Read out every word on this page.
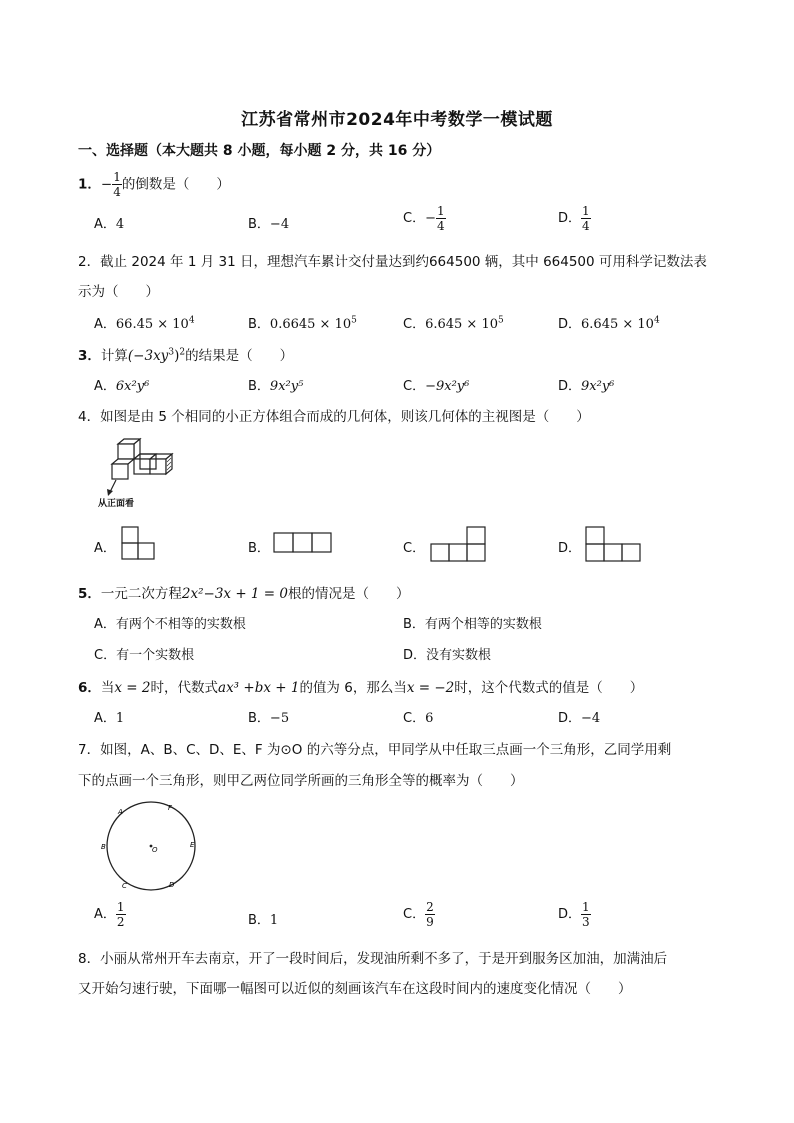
江苏省常州市2024年中考数学一模试题
一、选择题（本大题共 8 小题，每小题 2 分，共 16 分）
1．− $\frac{1}{4}$ 的倒数是（　　）
A．4	B．−4	C．− $\frac{1}{4}$	D． $\frac{1}{4}$
2．截止 2024 年 1 月 31 日，理想汽车累计交付量达到约664500 辆，其中 664500 可用科学记数法表
示为（　　）
A．$66.45 \times 10^4$	B．$0.6645 \times 10^5$	C．$6.645 \times 10^5$	D．$6.645 \times 10^4$
3．计算$(-3xy^3)^2$的结果是（　　）
A．6x²y⁶	B．9x²y⁵	C．−9x²y⁶	D．9x²y⁶
4．如图是由 5 个相同的小正方体组合而成的几何体，则该几何体的主视图是（　　）
从正面看
A．	B．	C．	D．
5．一元二次方程2x²−3x + 1 = 0根的情况是（　　）
A．有两个不相等的实数根	B．有两个相等的实数根
C．有一个实数根	D．没有实数根
6．当x = 2时，代数式ax³ +bx + 1的值为 6，那么当x = −2时，这个代数式的值是（　　）
A．1	B．−5	C．6	D．−4
7．如图，A、B、C、D、E、F 为⊙O 的六等分点，甲同学从中任取三点画一个三角形，乙同学用剩
下的点画一个三角形，则甲乙两位同学所画的三角形全等的概率为（　　）
O
A
B
C	D
E
F
A． $\frac{1}{2}$	B．1	C． $\frac{2}{9}$	D． $\frac{1}{3}$
8．小丽从常州开车去南京，开了一段时间后，发现油所剩不多了，于是开到服务区加油，加满油后
又开始匀速行驶，下面哪一幅图可以近似的刻画该汽车在这段时间内的速度变化情况（　　）
